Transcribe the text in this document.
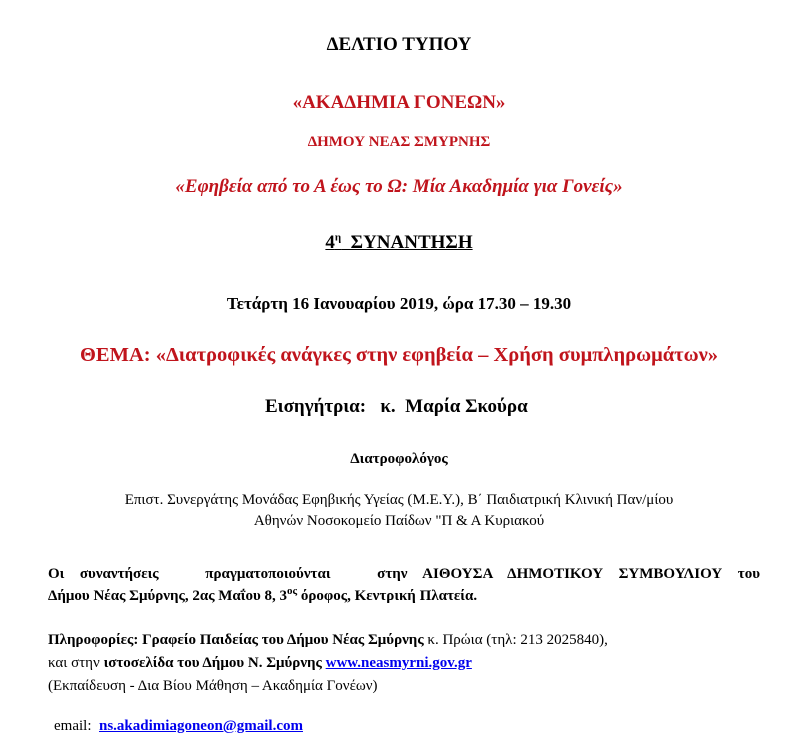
ΔΕΛΤΙΟ ΤΥΠΟΥ
«ΑΚΑΔΗΜΙΑ ΓΟΝΕΩΝ»
ΔΗΜΟΥ ΝΕΑΣ ΣΜΥΡΝΗΣ
«Εφηβεία από το Α έως το Ω: Μία Ακαδημία για Γονείς»
$4^\eta$  ΣΥΝΑΝΤΗΣΗ
Τετάρτη 16 Ιανουαρίου 2019, ώρα 17.30 – 19.30
ΘΕΜΑ: «Διατροφικές ανάγκες στην εφηβεία – Χρήση συμπληρωμάτων»
Εισηγήτρια:   κ.  Μαρία Σκούρα
Διατροφολόγος
Επιστ. Συνεργάτης Μονάδας Εφηβικής Υγείας (Μ.Ε.Υ.), Β΄ Παιδιατρική Κλινική Παν/μίου
Αθηνών Νοσοκομείο Παίδων "Π & Α Κυριακού
Οι συναντήσεις   πραγματοποιούνται   στην ΑΙΘΟΥΣΑ ΔΗΜΟΤΙΚΟΥ ΣΥΜΒΟΥΛΙΟΥ του
Δήμου Νέας Σμύρνης, 2ας Μαΐου 8, $3^{o\varsigma}$ όροφος, Κεντρική Πλατεία.
Πληροφορίες: Γραφείο Παιδείας του Δήμου Νέας Σμύρνης κ. Πρώια (τηλ: 213 2025840),
και στην ιστοσελίδα του Δήμου Ν. Σμύρνης www.neasmyrni.gov.gr
(Εκπαίδευση - Δια Βίου Μάθηση – Ακαδημία Γονέων)
email:  ns.akadimiagoneon@gmail.com
